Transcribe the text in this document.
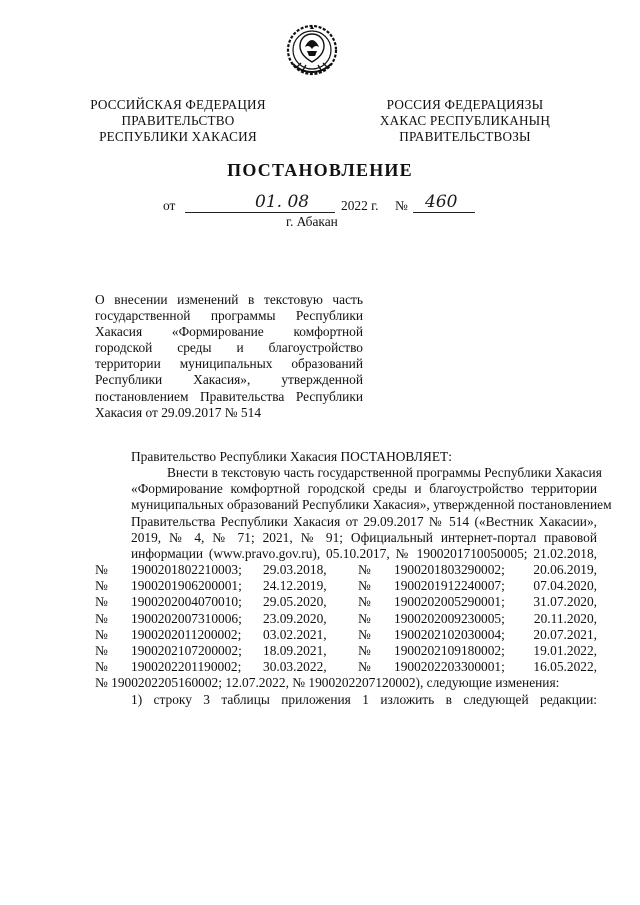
РОССИЙСКАЯ ФЕДЕРАЦИЯ
ПРАВИТЕЛЬСТВО
РЕСПУБЛИКИ ХАКАСИЯ
РОССИЯ ФЕДЕРАЦИЯЗЫ
ХАКАС РЕСПУБЛИКАНЫҢ
ПРАВИТЕЛЬСТВОЗЫ
ПОСТАНОВЛЕНИЕ
от	01. 08 2022 г. № 460
г. Абакан
О внесении изменений в текстовую часть государственной программы Республики Хакасия «Формирование комфортной городской среды и благоустройство территории муниципальных образований Республики Хакасия», утвержденной постановлением Правительства Республики Хакасия от 29.09.2017 № 514
Правительство Республики Хакасия ПОСТАНОВЛЯЕТ:
Внести в текстовую часть государственной программы Республики Хакасия
«Формирование комфортной городской среды и благоустройство территории
муниципальных образований Республики Хакасия», утвержденной постановлением
Правительства Республики Хакасия от 29.09.2017 № 514 («Вестник Хакасии»,
2019, № 4, № 71; 2021, № 91; Официальный интернет-портал правовой
информации (www.pravo.gov.ru), 05.10.2017, № 1900201710050005; 21.02.2018,
№	1900201802210003;	29.03.2018,	№	1900201803290002;	20.06.2019,
№	1900201906200001;	24.12.2019,	№	1900201912240007;	07.04.2020,
№	1900202004070010;	29.05.2020,	№	1900202005290001;	31.07.2020,
№	1900202007310006;	23.09.2020,	№	1900202009230005;	20.11.2020,
№	1900202011200002;	03.02.2021,	№	1900202102030004;	20.07.2021,
№	1900202107200002;	18.09.2021,	№	1900202109180002;	19.01.2022,
№	1900202201190002;	30.03.2022,	№	1900202203300001;	16.05.2022,
№ 1900202205160002; 12.07.2022, № 1900202207120002), следующие изменения:
1) строку 3 таблицы приложения 1 изложить в следующей редакции:
